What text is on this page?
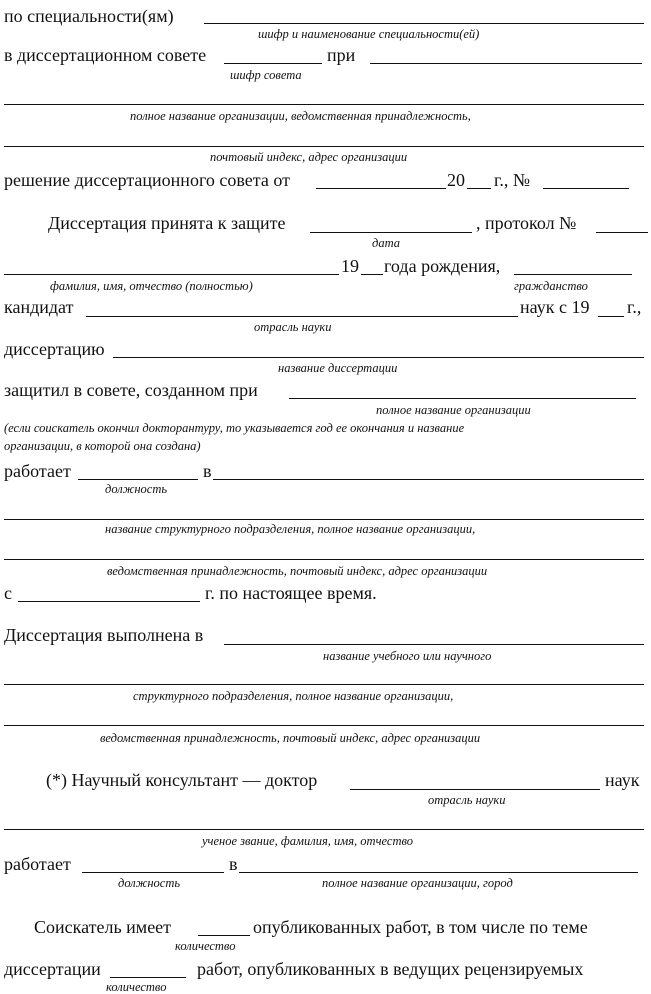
по специальности(ям)
шифр и наименование специальности(ей)
в диссертационном совете	при
шифр совета
полное название организации, ведомственная принадлежность,
почтовый индекс, адрес организации
решение диссертационного совета от	20 г., №
Диссертация принята к защите	, протокол №
дата
19 года рождения,
фамилия, имя, отчество (полностью)	гражданство
кандидат	наук с 19 г.,
отрасль науки
диссертацию
название диссертации
защитил в совете, созданном при
полное название организации
(если соискатель окончил докторантуру, то указывается год ее окончания и название
организации, в которой она создана)
работает	в
должность
название структурного подразделения, полное название организации,
ведомственная принадлежность, почтовый индекс, адрес организации
с	г. по настоящее время.
Диссертация выполнена в
название учебного или научного
структурного подразделения, полное название организации,
ведомственная принадлежность, почтовый индекс, адрес организации
(*) Научный консультант — доктор	наук
отрасль науки
ученое звание, фамилия, имя, отчество
работает	в
должность	полное название организации, город
Соискатель имеет	опубликованных работ, в том числе по теме
количество
диссертации	работ, опубликованных в ведущих рецензируемых
количество
